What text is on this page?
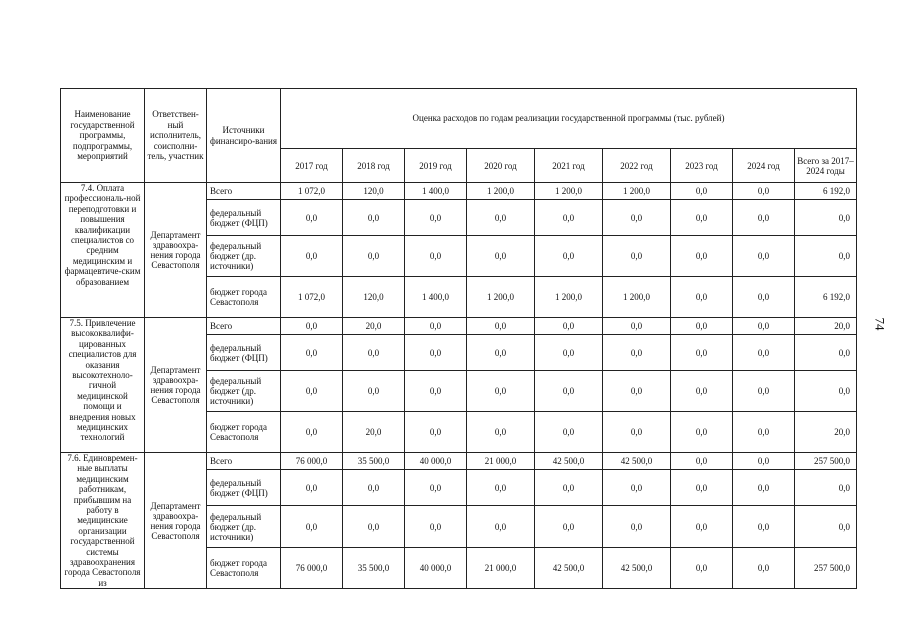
Наименование государственной программы, подпрограммы, мероприятий	Ответствен-ный исполнитель, соисполни-тель, участник	Источники финансиро-вания	Оценка расходов по годам реализации государственной программы (тыс. рублей)								
			2017 год	2018 год	2019 год	2020 год	2021 год	2022 год	2023 год	2024 год	Всего за 2017–2024 годы
7.4. Оплата профессиональ-ной переподготовки и повышения квалификации специалистов со средним медицинским и фармацевтиче-ским образованием	Департамент здравоохра-нения города Севастополя	Всего	1 072,0	120,0	1 400,0	1 200,0	1 200,0	1 200,0	0,0	0,0	6 192,0
		федеральный бюджет (ФЦП)	0,0	0,0	0,0	0,0	0,0	0,0	0,0	0,0	0,0
		федеральный бюджет (др. источники)	0,0	0,0	0,0	0,0	0,0	0,0	0,0	0,0	0,0
		бюджет города Севастополя	1 072,0	120,0	1 400,0	1 200,0	1 200,0	1 200,0	0,0	0,0	6 192,0
7.5. Привлечение высококвалифи-цированных специалистов для оказания высокотехноло-гичной медицинской помощи и внедрения новых медицинских технологий	Департамент здравоохра-нения города Севастополя	Всего	0,0	20,0	0,0	0,0	0,0	0,0	0,0	0,0	20,0
		федеральный бюджет (ФЦП)	0,0	0,0	0,0	0,0	0,0	0,0	0,0	0,0	0,0
		федеральный бюджет (др. источники)	0,0	0,0	0,0	0,0	0,0	0,0	0,0	0,0	0,0
		бюджет города Севастополя	0,0	20,0	0,0	0,0	0,0	0,0	0,0	0,0	20,0
7.6. Единовремен-ные выплаты медицинским работникам, прибывшим на работу в медицинские организации государственной системы здравоохранения города Севастополя из	Департамент здравоохра-нения города Севастополя	Всего	76 000,0	35 500,0	40 000,0	21 000,0	42 500,0	42 500,0	0,0	0,0	257 500,0
		федеральный бюджет (ФЦП)	0,0	0,0	0,0	0,0	0,0	0,0	0,0	0,0	0,0
		федеральный бюджет (др. источники)	0,0	0,0	0,0	0,0	0,0	0,0	0,0	0,0	0,0
		бюджет города Севастополя	76 000,0	35 500,0	40 000,0	21 000,0	42 500,0	42 500,0	0,0	0,0	257 500,0
74
